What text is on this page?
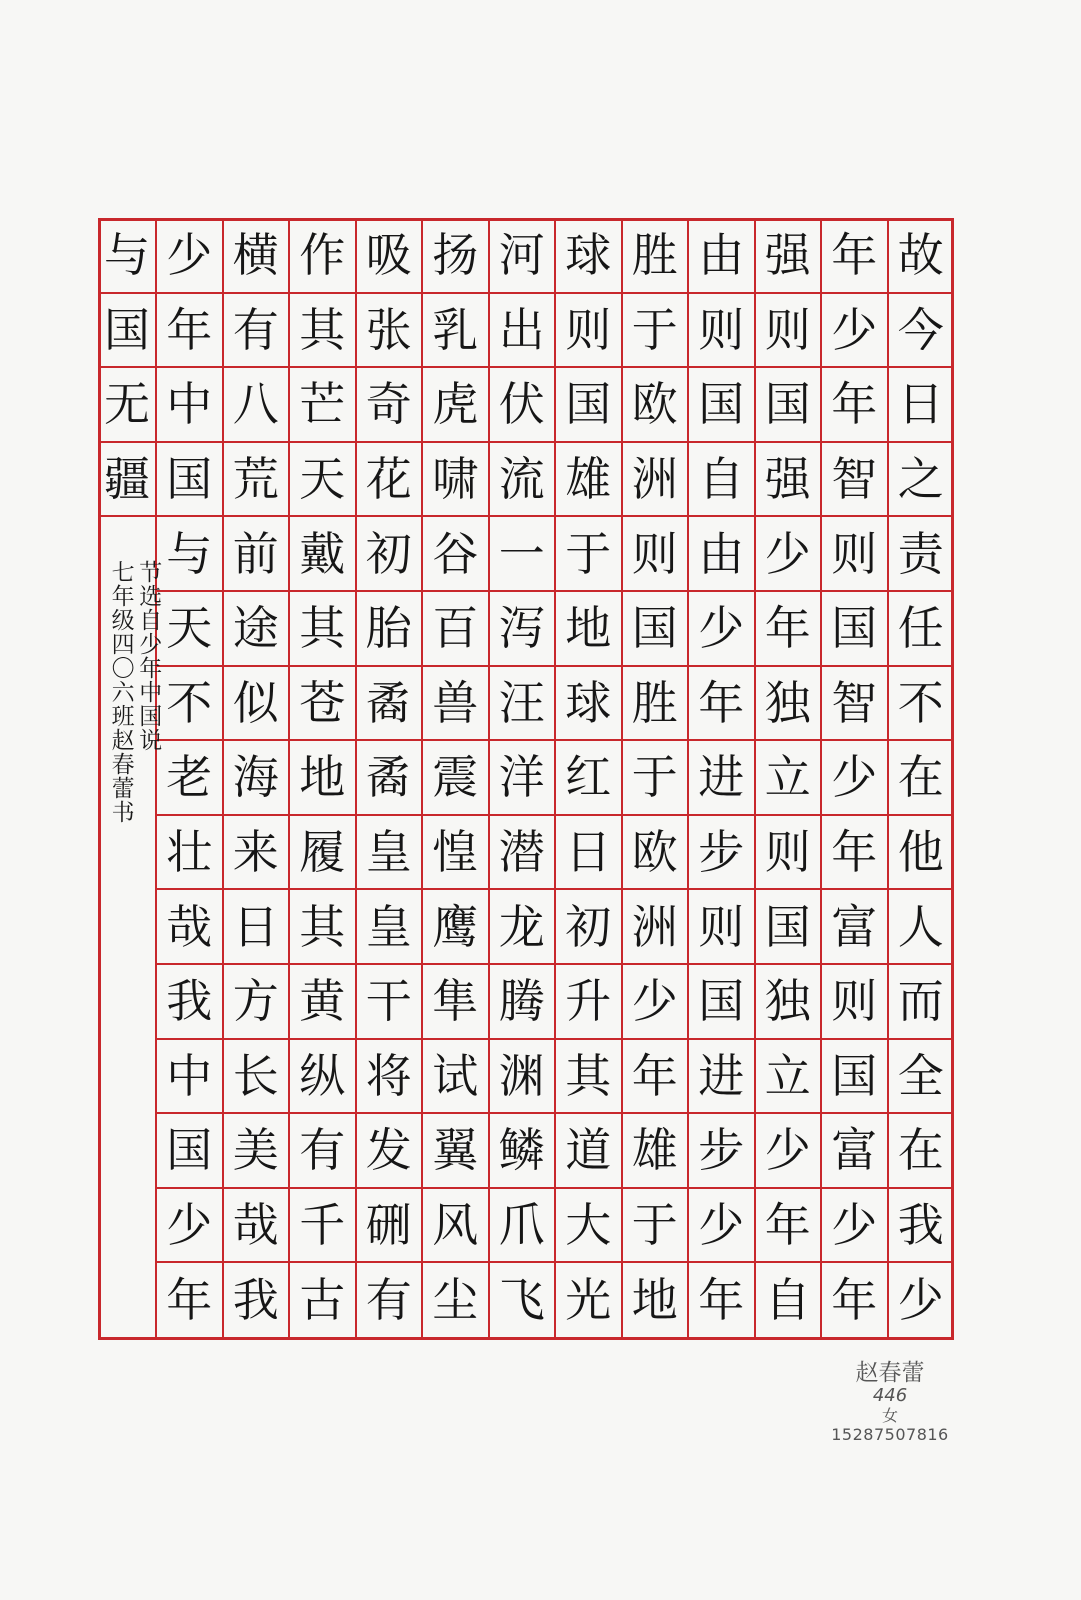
故
今
日
之
责
任
不
在
他
人
而
全
在
我
少
年
少
年
智
则
国
智
少
年
富
则
国
富
少
年
强
则
国
强
少
年
独
立
则
国
独
立
少
年
自
由
则
国
自
由
少
年
进
步
则
国
进
步
少
年
胜
于
欧
洲
则
国
胜
于
欧
洲
少
年
雄
于
地
球
则
国
雄
于
地
球
红
日
初
升
其
道
大
光
河
出
伏
流
一
泻
汪
洋
潜
龙
腾
渊
鳞
爪
飞
扬
乳
虎
啸
谷
百
兽
震
惶
鹰
隼
试
翼
风
尘
吸
张
奇
花
初
胎
矞
矞
皇
皇
干
将
发
硎
有
作
其
芒
天
戴
其
苍
地
履
其
黄
纵
有
千
古
横
有
八
荒
前
途
似
海
来
日
方
长
美
哉
我
少
年
中
国
与
天
不
老
壮
哉
我
中
国
少
年
与
国
无
疆
节选自少年中国说
七年级四〇六班赵春蕾书
赵春蕾
446
女
15287507816
